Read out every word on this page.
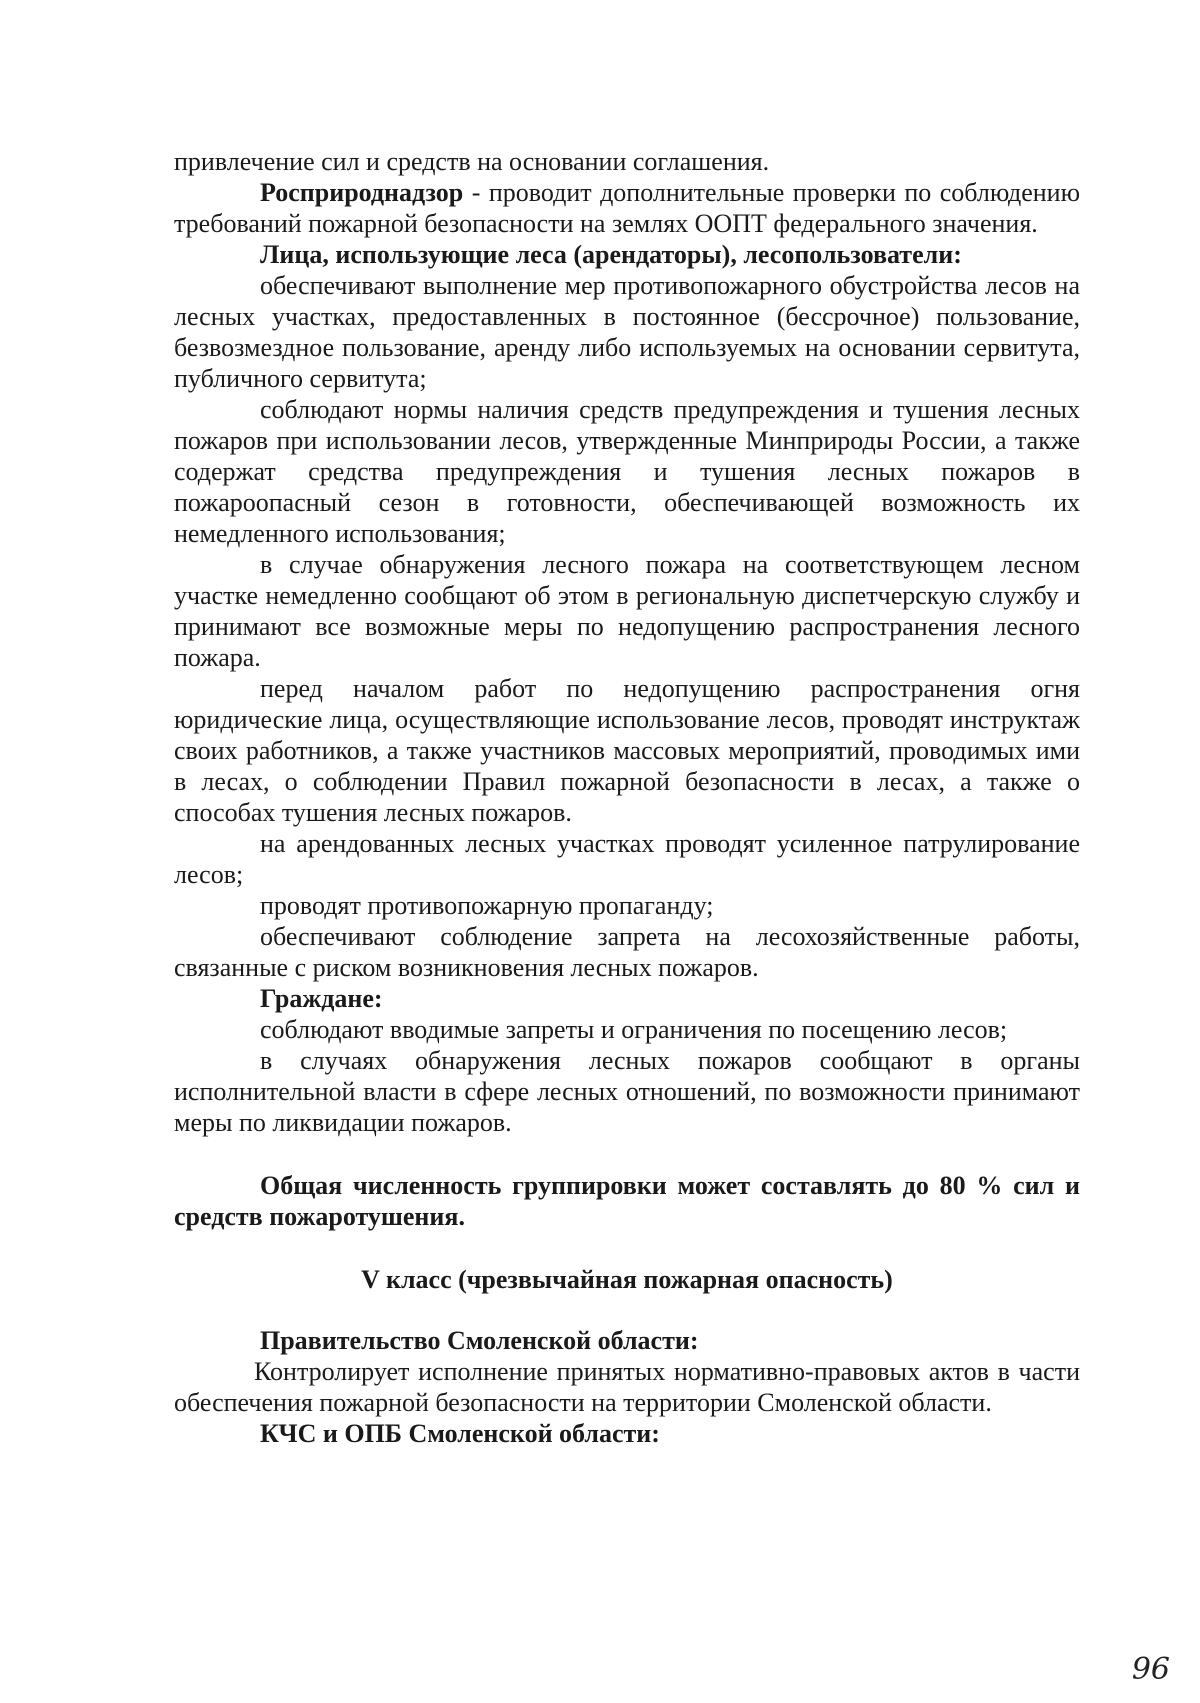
привлечение сил и средств на основании соглашения.

Росприроднадзор - проводит дополнительные проверки по соблюдению требований пожарной безопасности на землях ООПТ федерального значения.

Лица, использующие леса (арендаторы), лесопользователи:

обеспечивают выполнение мер противопожарного обустройства лесов на лесных участках, предоставленных в постоянное (бессрочное) пользование, безвозмездное пользование, аренду либо используемых на основании сервитута, публичного сервитута;

соблюдают нормы наличия средств предупреждения и тушения лесных пожаров при использовании лесов, утвержденные Минприроды России, а также содержат средства предупреждения и тушения лесных пожаров в пожароопасный сезон в готовности, обеспечивающей возможность их немедленного использования;

в случае обнаружения лесного пожара на соответствующем лесном участке немедленно сообщают об этом в региональную диспетчерскую службу и принимают все возможные меры по недопущению распространения лесного пожара.

перед началом работ по недопущению распространения огня юридические лица, осуществляющие использование лесов, проводят инструктаж своих работников, а также участников массовых мероприятий, проводимых ими в лесах, о соблюдении Правил пожарной безопасности в лесах, а также о способах тушения лесных пожаров.

на арендованных лесных участках проводят усиленное патрулирование

лесов;

проводят противопожарную пропаганду;

обеспечивают соблюдение запрета на лесохозяйственные работы, связанные с риском возникновения лесных пожаров.

Граждане:

соблюдают вводимые запреты и ограничения по посещению лесов;

в случаях обнаружения лесных пожаров сообщают в органы исполнительной власти в сфере лесных отношений, по возможности принимают меры по ликвидации пожаров.

Общая численность группировки может составлять до 80 % сил и средств пожаротушения.

V класс (чрезвычайная пожарная опасность)

Правительство Смоленской области:

Контролирует исполнение принятых нормативно-правовых актов в части обеспечения пожарной безопасности на территории Смоленской области.

КЧС и ОПБ Смоленской области:

96
